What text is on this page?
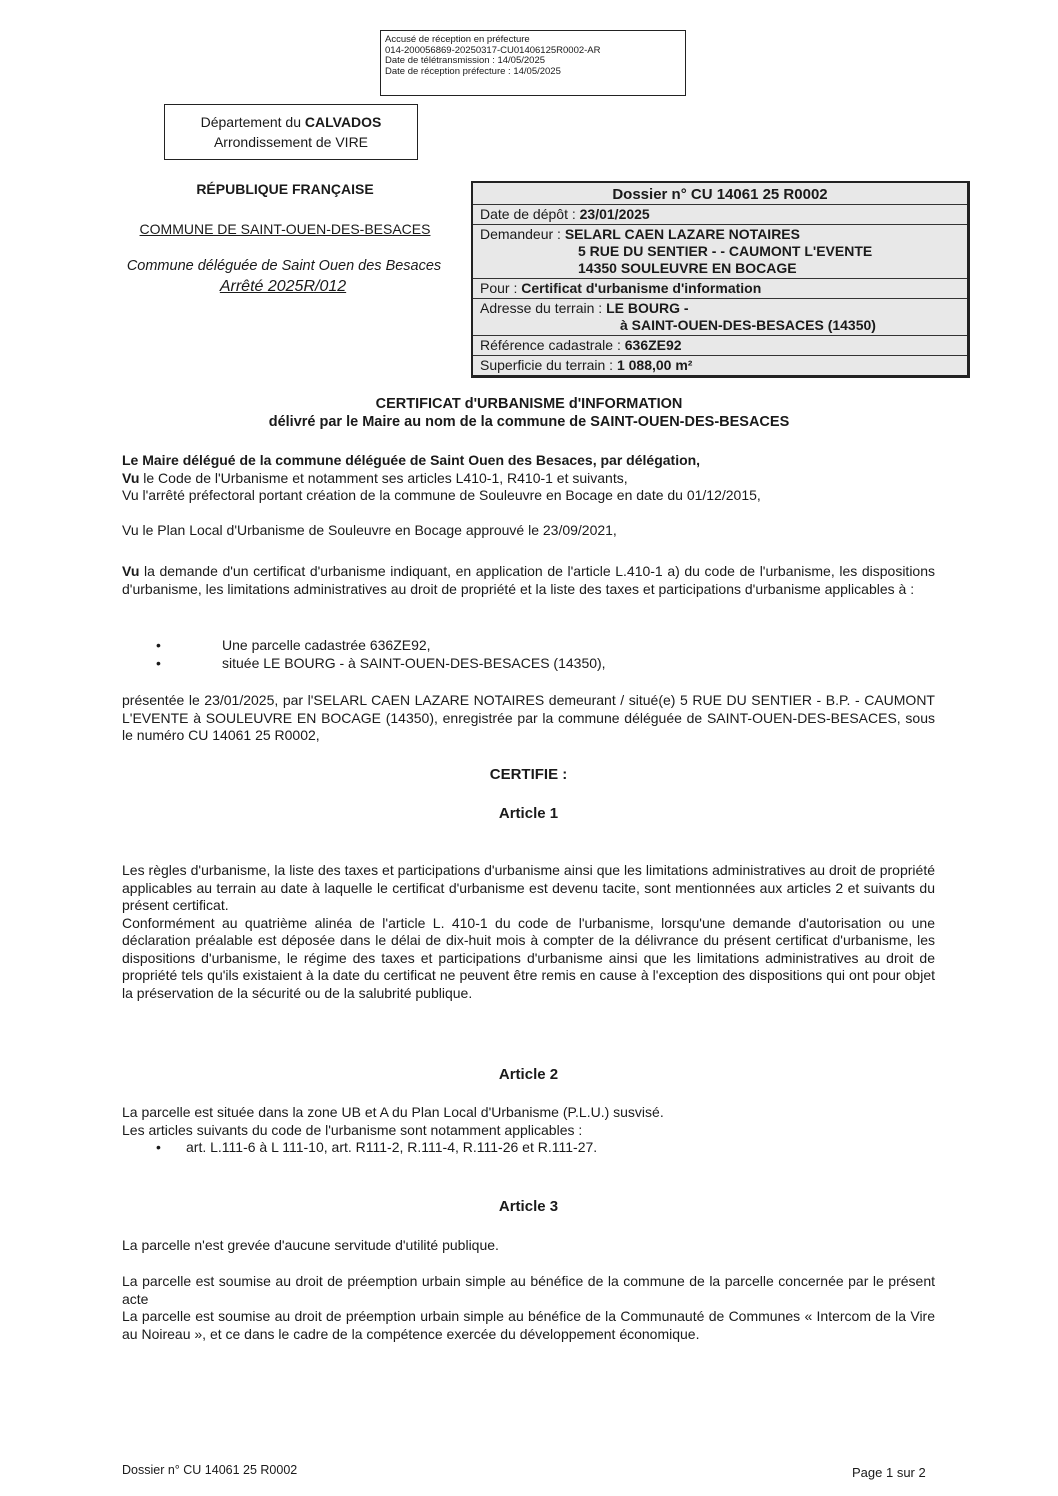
Accusé de réception en préfecture
014-200056869-20250317-CU01406125R0002-AR
Date de télétransmission : 14/05/2025
Date de réception préfecture : 14/05/2025
Département du CALVADOS
Arrondissement de VIRE
RÉPUBLIQUE FRANÇAISE
COMMUNE DE SAINT-OUEN-DES-BESACES
Commune déléguée de Saint Ouen des Besaces
Arrêté 2025R/012
Dossier n° CU 14061 25 R0002
Date de dépôt : 23/01/2025
Demandeur : SELARL CAEN LAZARE NOTAIRES
5 RUE DU SENTIER - - CAUMONT L'EVENTE
14350 SOULEUVRE EN BOCAGE
Pour : Certificat d'urbanisme d'information
Adresse du terrain : LE BOURG -
à SAINT-OUEN-DES-BESACES (14350)
Référence cadastrale : 636ZE92
Superficie du terrain : 1 088,00 m²
CERTIFICAT d'URBANISME d'INFORMATION
délivré par le Maire au nom de la commune de SAINT-OUEN-DES-BESACES
Le Maire délégué de la commune déléguée de Saint Ouen des Besaces, par délégation,
Vu le Code de l'Urbanisme et notamment ses articles L410-1, R410-1 et suivants,
Vu l'arrêté préfectoral portant création de la commune de Souleuvre en Bocage en date du 01/12/2015,
Vu le Plan Local d'Urbanisme de Souleuvre en Bocage approuvé le 23/09/2021,
Vu la demande d'un certificat d'urbanisme indiquant, en application de l'article L.410-1 a) du code de l'urbanisme, les dispositions d'urbanisme, les limitations administratives au droit de propriété et la liste des taxes et participations d'urbanisme applicables à :
•	Une parcelle cadastrée 636ZE92,
•	située LE BOURG - à SAINT-OUEN-DES-BESACES (14350),
présentée le 23/01/2025, par l'SELARL CAEN LAZARE NOTAIRES demeurant / situé(e) 5 RUE DU SENTIER - B.P. - CAUMONT L'EVENTE à SOULEUVRE EN BOCAGE (14350), enregistrée par la commune déléguée de SAINT-OUEN-DES-BESACES, sous le numéro CU 14061 25 R0002,
CERTIFIE :
Article 1
Les règles d'urbanisme, la liste des taxes et participations d'urbanisme ainsi que les limitations administratives au droit de propriété applicables au terrain au date à laquelle le certificat d'urbanisme est devenu tacite, sont mentionnées aux articles 2 et suivants du présent certificat.
Conformément au quatrième alinéa de l'article L. 410-1 du code de l'urbanisme, lorsqu'une demande d'autorisation ou une déclaration préalable est déposée dans le délai de dix-huit mois à compter de la délivrance du présent certificat d'urbanisme, les dispositions d'urbanisme, le régime des taxes et participations d'urbanisme ainsi que les limitations administratives au droit de propriété tels qu'ils existaient à la date du certificat ne peuvent être remis en cause à l'exception des dispositions qui ont pour objet la préservation de la sécurité ou de la salubrité publique.
Article 2
La parcelle est située dans la zone UB et A du Plan Local d'Urbanisme (P.L.U.) susvisé.
Les articles suivants du code de l'urbanisme sont notamment applicables :
•	art. L.111-6 à L 111-10, art. R111-2, R.111-4, R.111-26 et R.111-27.
Article 3
La parcelle n'est grevée d'aucune servitude d'utilité publique.
La parcelle est soumise au droit de préemption urbain simple au bénéfice de la commune de la parcelle concernée par le présent acte
La parcelle est soumise au droit de préemption urbain simple au bénéfice de la Communauté de Communes « Intercom de la Vire au Noireau », et ce dans le cadre de la compétence exercée du développement économique.
Dossier n° CU 14061 25 R0002	Page 1 sur 2
